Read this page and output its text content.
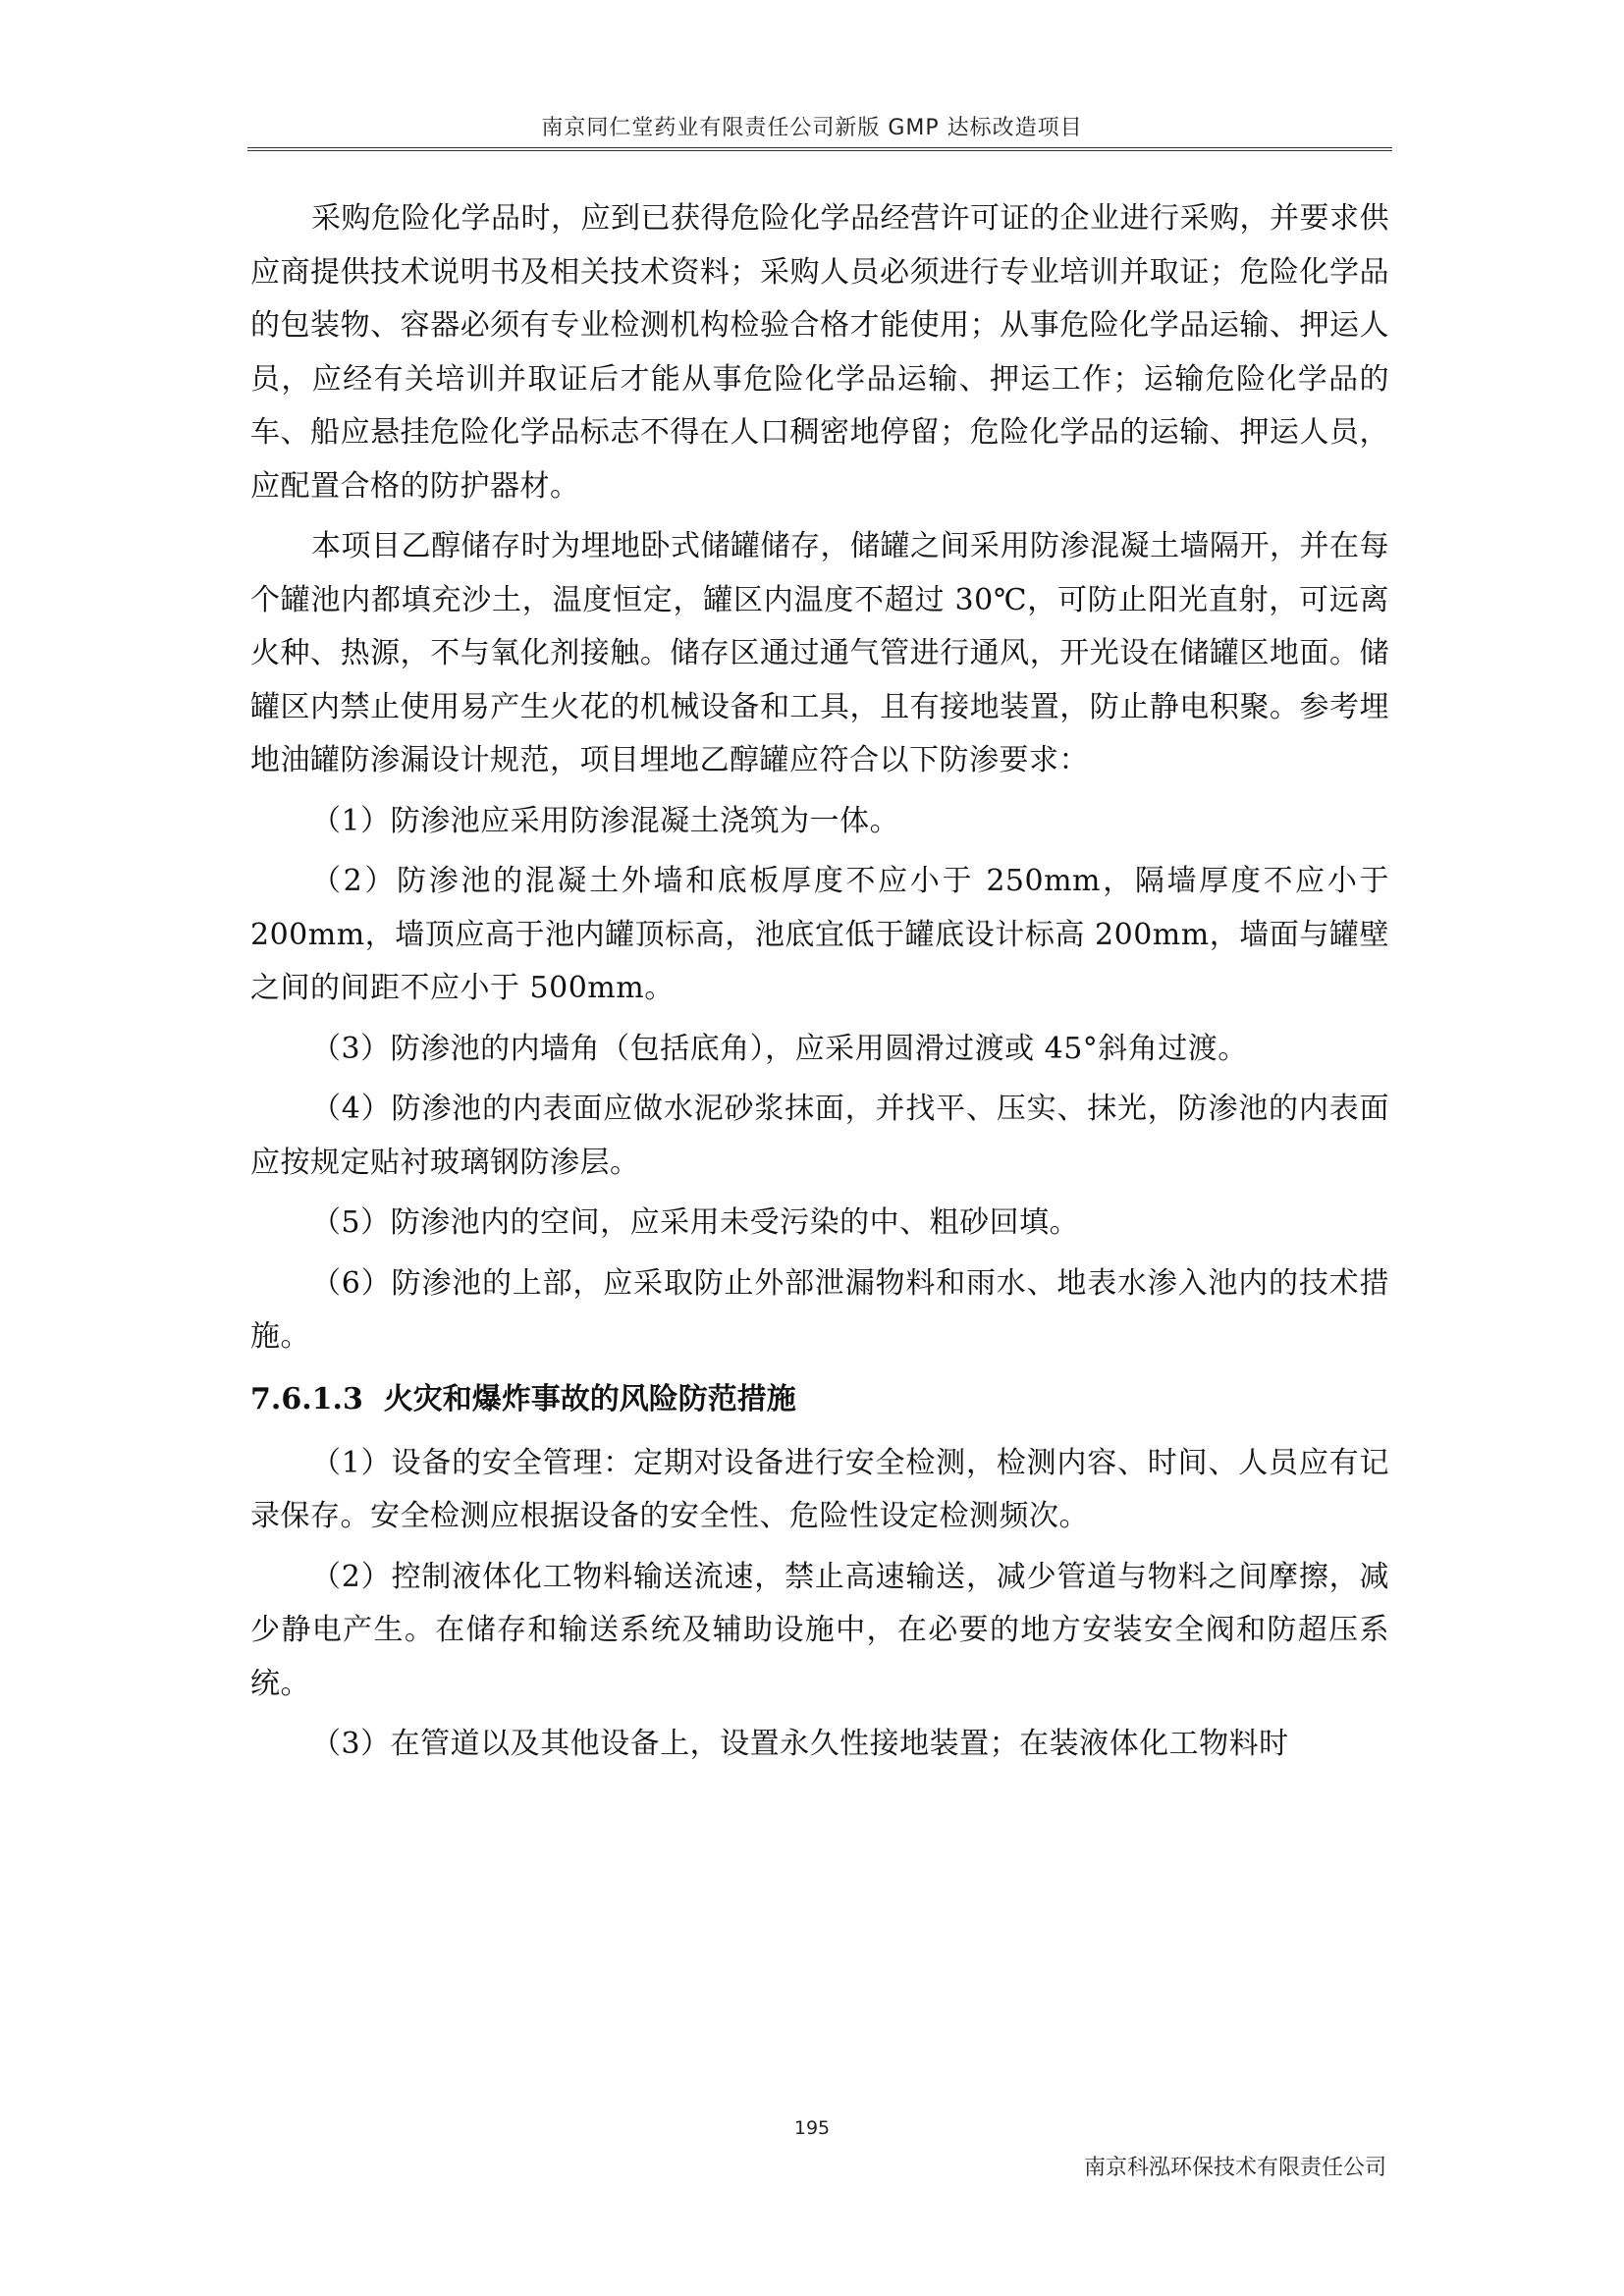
南京同仁堂药业有限责任公司新版 GMP 达标改造项目

采购危险化学品时，应到已获得危险化学品经营许可证的企业进行采购，并要求供应商提供技术说明书及相关技术资料；采购人员必须进行专业培训并取证；危险化学品的包装物、容器必须有专业检测机构检验合格才能使用；从事危险化学品运输、押运人员，应经有关培训并取证后才能从事危险化学品运输、押运工作；运输危险化学品的车、船应悬挂危险化学品标志不得在人口稠密地停留；危险化学品的运输、押运人员，应配置合格的防护器材。

本项目乙醇储存时为埋地卧式储罐储存，储罐之间采用防渗混凝土墙隔开，并在每个罐池内都填充沙土，温度恒定，罐区内温度不超过 30℃，可防止阳光直射，可远离火种、热源，不与氧化剂接触。储存区通过通气管进行通风，开光设在储罐区地面。储罐区内禁止使用易产生火花的机械设备和工具，且有接地装置，防止静电积聚。参考埋地油罐防渗漏设计规范，项目埋地乙醇罐应符合以下防渗要求：

（1）防渗池应采用防渗混凝土浇筑为一体。

（2）防渗池的混凝土外墙和底板厚度不应小于 250mm，隔墙厚度不应小于 200mm，墙顶应高于池内罐顶标高，池底宜低于罐底设计标高 200mm，墙面与罐壁之间的间距不应小于 500mm。

（3）防渗池的内墙角（包括底角），应采用圆滑过渡或 45°斜角过渡。

（4）防渗池的内表面应做水泥砂浆抹面，并找平、压实、抹光，防渗池的内表面应按规定贴衬玻璃钢防渗层。

（5）防渗池内的空间，应采用未受污染的中、粗砂回填。

（6）防渗池的上部，应采取防止外部泄漏物料和雨水、地表水渗入池内的技术措施。

7.6.1.3 火灾和爆炸事故的风险防范措施

（1）设备的安全管理：定期对设备进行安全检测，检测内容、时间、人员应有记录保存。安全检测应根据设备的安全性、危险性设定检测频次。

（2）控制液体化工物料输送流速，禁止高速输送，减少管道与物料之间摩擦，减少静电产生。在储存和输送系统及辅助设施中，在必要的地方安装安全阀和防超压系统。

（3）在管道以及其他设备上，设置永久性接地装置；在装液体化工物料时

195
南京科泓环保技术有限责任公司
